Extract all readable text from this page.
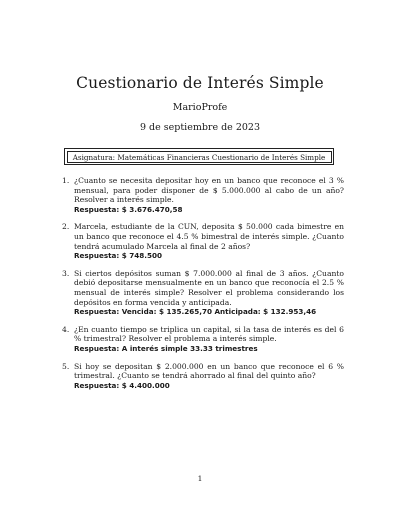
Cuestionario de Interés Simple
MarioProfe
9 de septiembre de 2023
Asignatura: Matemáticas Financieras Cuestionario de Interés Simple
1. ¿Cuanto se necesita depositar hoy en un banco que reconoce el 3 % mensual, para poder disponer de $ 5.000.000 al cabo de un año? Resolver a interés simple.
Respuesta: $ 3.676.470,58
2. Marcela, estudiante de la CUN, deposita $ 50.000 cada bimestre en un banco que reconoce el 4.5 % bimestral de interés simple. ¿Cuanto tendrá acumulado Marcela al final de 2 años?
Respuesta: $ 748.500
3. Si ciertos depósitos suman $ 7.000.000 al final de 3 años. ¿Cuanto debió depositarse mensualmente en un banco que reconocía el 2.5 % mensual de interés simple? Resolver el problema considerando los depósitos en forma vencida y anticipada.
Respuesta: Vencida: $ 135.265,70 Anticipada: $ 132.953,46
4. ¿En cuanto tiempo se triplica un capital, si la tasa de interés es del 6 % trimestral? Resolver el problema a interés simple.
Respuesta: A interés simple 33.33 trimestres
5. Si hoy se depositan $ 2.000.000 en un banco que reconoce el 6 % trimestral. ¿Cuanto se tendrá ahorrado al final del quinto año?
Respuesta: $ 4.400.000
1
